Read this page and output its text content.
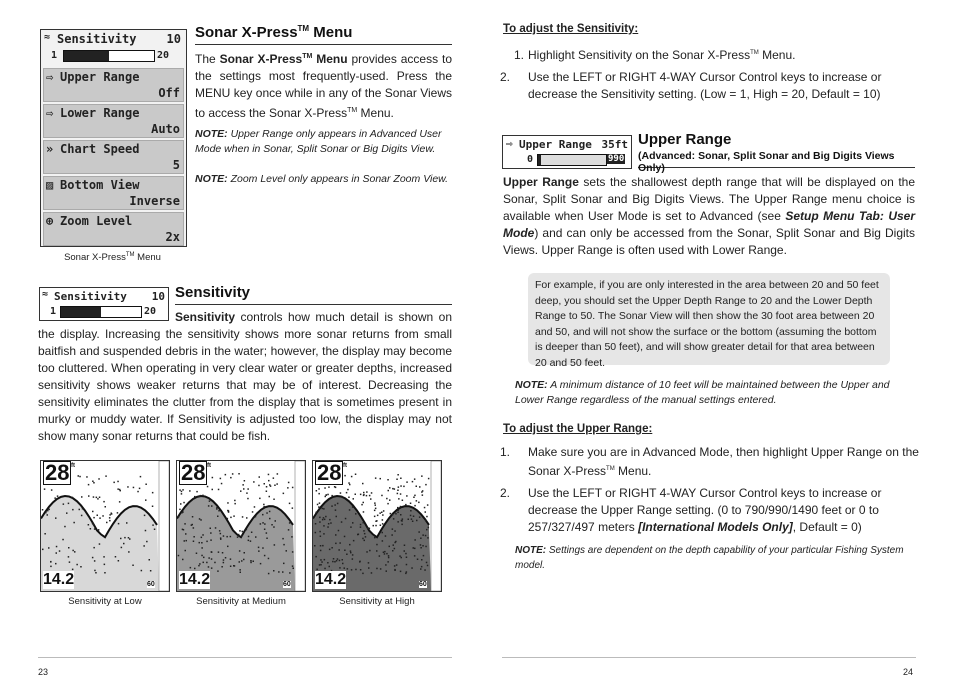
≈ Sensitivity	10
1	20
⇨ Upper Range
Off
⇨ Lower Range
Auto
» Chart Speed
5
▨ Bottom View
Inverse
⊕ Zoom Level
2x
Sonar X-Press™ Menu
Sonar X-Press™ Menu
The Sonar X-Press™ Menu provides access to the settings most frequently-used. Press the MENU key once while in any of the Sonar Views to access the Sonar X-Press™ Menu.
NOTE: Upper Range only appears in Advanced User Mode when in Sonar, Split Sonar or Big Digits View.
NOTE: Zoom Level only appears in Sonar Zoom View.
≈ Sensitivity 10
1	20
Sensitivity
Sensitivity controls how much detail is shown on the display. Increasing the sensitivity shows more sonar returns from small baitfish and suspended debris in the water; however, the display may become too cluttered. When operating in very clear water or greater depths, increased sensitivity shows weaker returns that may be of interest. Decreasing the sensitivity eliminates the clutter from the display that is sometimes present in murky or muddy water. If Sensitivity is adjusted too low, the display may not show many sonar returns that could be fish.
28 ft
14.2	60
Sensitivity at Low
28 ft
14.2	60
Sensitivity at Medium
28 ft
14.2	60
Sensitivity at High
23
To adjust the Sensitivity:
1. Highlight Sensitivity on the Sonar X-Press™ Menu.
2. Use the LEFT or RIGHT 4-WAY Cursor Control keys to increase or decrease the Sensitivity setting. (Low = 1, High = 20, Default = 10)
⇨ Upper Range 35ft
0	990
Upper Range
(Advanced: Sonar, Split Sonar and Big Digits Views Only)
Upper Range sets the shallowest depth range that will be displayed on the Sonar, Split Sonar and Big Digits Views. The Upper Range menu choice is available when User Mode is set to Advanced (see Setup Menu Tab: User Mode) and can only be accessed from the Sonar, Split Sonar and Big Digits Views. Upper Range is often used with Lower Range.
For example, if you are only interested in the area between 20 and 50 feet deep, you should set the Upper Depth Range to 20 and the Lower Depth Range to 50. The Sonar View will then show the 30 foot area between 20 and 50, and will not show the surface or the bottom (assuming the bottom is deeper than 50 feet), and will show greater detail for that area between 20 and 50 feet.
NOTE: A minimum distance of 10 feet will be maintained between the Upper and Lower Range regardless of the manual settings entered.
To adjust the Upper Range:
1. Make sure you are in Advanced Mode, then highlight Upper Range on the Sonar X-Press™ Menu.
2. Use the LEFT or RIGHT 4-WAY Cursor Control keys to increase or decrease the Upper Range setting. (0 to 790/990/1490 feet or 0 to 257/327/497 meters [International Models Only], Default = 0)
NOTE: Settings are dependent on the depth capability of your particular Fishing System model.
24
